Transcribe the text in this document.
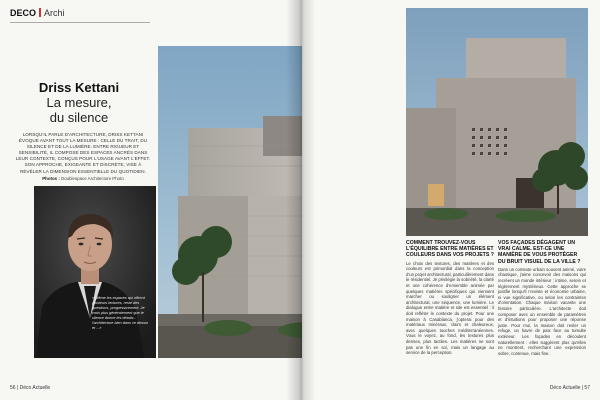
DECO Archi
Driss Kettani
La mesure,
du silence

LORSQU'IL PARLE D'ARCHITECTURE, DRISS KETTANI ÉVOQUE AVANT TOUT LA MESURE : CELLE DU TRAIT, DU SILENCE ET DE LA LUMIÈRE. ENTRE RIGUEUR ET SENSIBILITÉ, IL COMPOSE DES ESPACES ANCRÉS DANS LEUR CONTEXTE, CONÇUS POUR L'USAGE AVANT L'EFFET. SON APPROCHE, EXIGEANTE ET DISCRÈTE, VISE À RÉVÉLER LA DIMENSION ESSENTIELLE DU QUOTIDIEN.

Photos : Doublespace Architecture Photo

« Même les espaces qui offrent plusieurs lectures, reste des questions, progressivement. Je crois plus généralement que le silence donne les détails... l'architecture bien dans ce dessin et ...»

56 | Déco Actuelle	Déco Actuelle | 57
COMMENT TROUVEZ-VOUS L'ÉQUILIBRE ENTRE MATIÈRES ET COULEURS DANS VOS PROJETS ?

Le choix des textures, des matières et des couleurs est primordial dans la conception d'un projet architectural, particulièrement dans le résidentiel. Je privilégie la sobriété, la clarté et une cohérence d'ensemble animée par quelques matières spécifiques qui viennent marcher ou souligner un élément architectural, une séquence, une lumière. Le dialogue entre matière et site est essentiel : il doit refléter le contexte du projet. Pour une maison à Casablanca, j'opterai pour des matériaux minéraux, clairs et chaleureux, avec quelques touches méditerranéennes. Vous le voyez, au fond, les textures plus denses, plus tactiles. Les matières ne sont pas une fin en soi, mais un langage au service de la perception.

VOS FAÇADES DÉGAGENT UN VRAI CALME. EST-CE UNE MANIÈRE DE VOUS PROTÉGER DU BRUIT VISUEL DE LA VILLE ?

Dans un contexte urbain souvent animé, voire chaotique, j'aime concevoir des maisons qui recréent un monde intérieur : intime, serein et légèrement mystérieux. Cette approche se justifie lorsqu'il n'existe et économie urbaine, ni vue significative, ou selon les contraintes d'orientation. Chaque maison vacante une histoire particulière. L'architecte doit composer avec un ensemble de paramètres et d'intuitions pour proposer une réponse juste. Pour moi, la maison doit rester un refuge, un havre de paix face au tumulte extérieur. Les façades en découlent naturellement : elles suggèrent plus qu'elles ne montrent, recherchant une expression sobre, contenue, mais fine.
